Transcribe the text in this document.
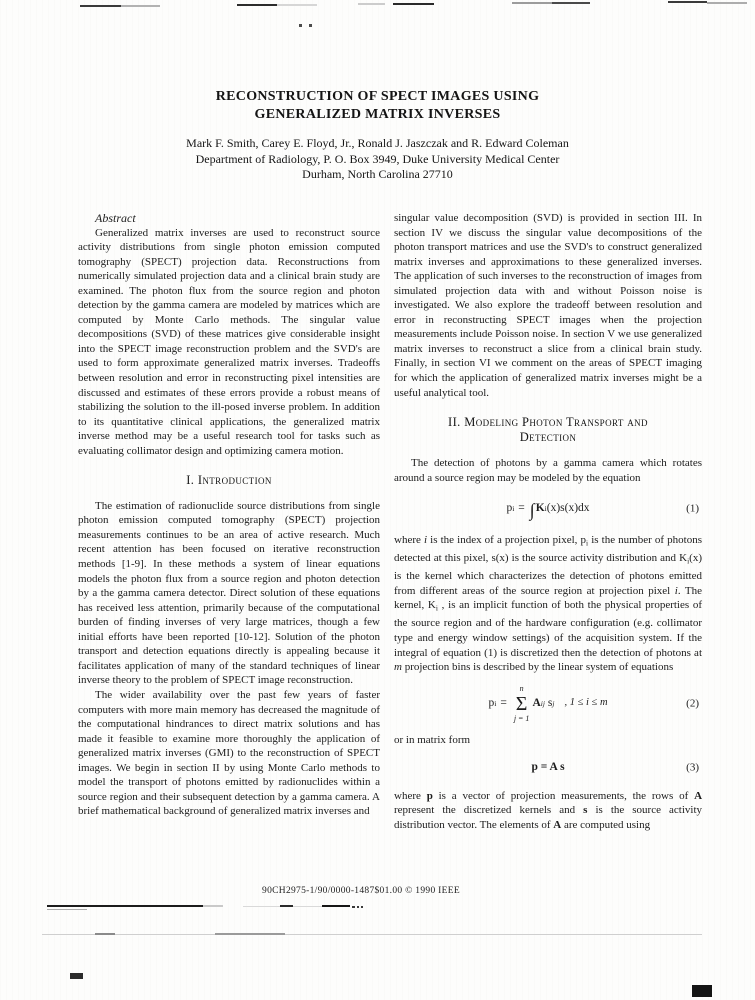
RECONSTRUCTION OF SPECT IMAGES USING
GENERALIZED MATRIX INVERSES
Mark F. Smith, Carey E. Floyd, Jr., Ronald J. Jaszczak and R. Edward Coleman
Department of Radiology, P. O. Box 3949, Duke University Medical Center
Durham, North Carolina 27710

Abstract

Generalized matrix inverses are used to reconstruct source activity distributions from single photon emission computed tomography (SPECT) projection data. Reconstructions from numerically simulated projection data and a clinical brain study are examined. The photon flux from the source region and photon detection by the gamma camera are modeled by matrices which are computed by Monte Carlo methods. The singular value decompositions (SVD) of these matrices give considerable insight into the SPECT image reconstruction problem and the SVD's are used to form approximate generalized matrix inverses. Tradeoffs between resolution and error in reconstructing pixel intensities are discussed and estimates of these errors provide a robust means of stabilizing the solution to the ill-posed inverse problem. In addition to its quantitative clinical applications, the generalized matrix inverse method may be a useful research tool for tasks such as evaluating collimator design and optimizing camera motion.

I. Introduction

The estimation of radionuclide source distributions from single photon emission computed tomography (SPECT) projection measurements continues to be an area of active research. Much recent attention has been focused on iterative reconstruction methods [1-9]. In these methods a system of linear equations models the photon flux from a source region and photon detection by a the gamma camera detector. Direct solution of these equations has received less attention, primarily because of the computational burden of finding inverses of very large matrices, though a few initial efforts have been reported [10-12]. Solution of the photon transport and detection equations directly is appealing because it facilitates application of many of the standard techniques of linear inverse theory to the problem of SPECT image reconstruction.

The wider availability over the past few years of faster computers with more main memory has decreased the magnitude of the computational hindrances to direct matrix solutions and has made it feasible to examine more thoroughly the application of generalized matrix inverses (GMI) to the reconstruction of SPECT images. We begin in section II by using Monte Carlo methods to model the transport of photons emitted by radionuclides within a source region and their subsequent detection by a gamma camera. A brief mathematical background of generalized matrix inverses and

singular value decomposition (SVD) is provided in section III. In section IV we discuss the singular value decompositions of the photon transport matrices and use the SVD's to construct generalized matrix inverses and approximations to these generalized inverses. The application of such inverses to the reconstruction of images from simulated projection data with and without Poisson noise is investigated. We also explore the tradeoff between resolution and error in reconstructing SPECT images when the projection measurements include Poisson noise. In section V we use generalized matrix inverses to reconstruct a slice from a clinical brain study. Finally, in section VI we comment on the areas of SPECT imaging for which the application of generalized matrix inverses might be a useful analytical tool.

II. Modeling Photon Transport and
Detection

The detection of photons by a gamma camera which rotates around a source region may be modeled by the equation

p i = ∫ K i (x)s(x)dx	(1)

where i is the index of a projection pixel, $p_i$ is the number of photons detected at this pixel, s(x) is the source activity distribution and $K_i(x)$ is the kernel which characterizes the detection of photons emitted from different areas of the source region at projection pixel i. The kernel, $K_i$ , is an implicit function of both the physical properties of the source region and of the hardware configuration (e.g. collimator type and energy window settings) of the acquisition system. If the integral of equation (1) is discretized then the detection of photons at m projection bins is described by the linear system of equations

p i =
n
Σ
j = 1
A ij s j , 1 ≤ i ≤ m	(2)

or in matrix form

p = A s	(3)

where p is a vector of projection measurements, the rows of A represent the discretized kernels and s is the source activity distribution vector. The elements of A are computed using

90CH2975-1/90/0000-1487$01.00 © 1990 IEEE
